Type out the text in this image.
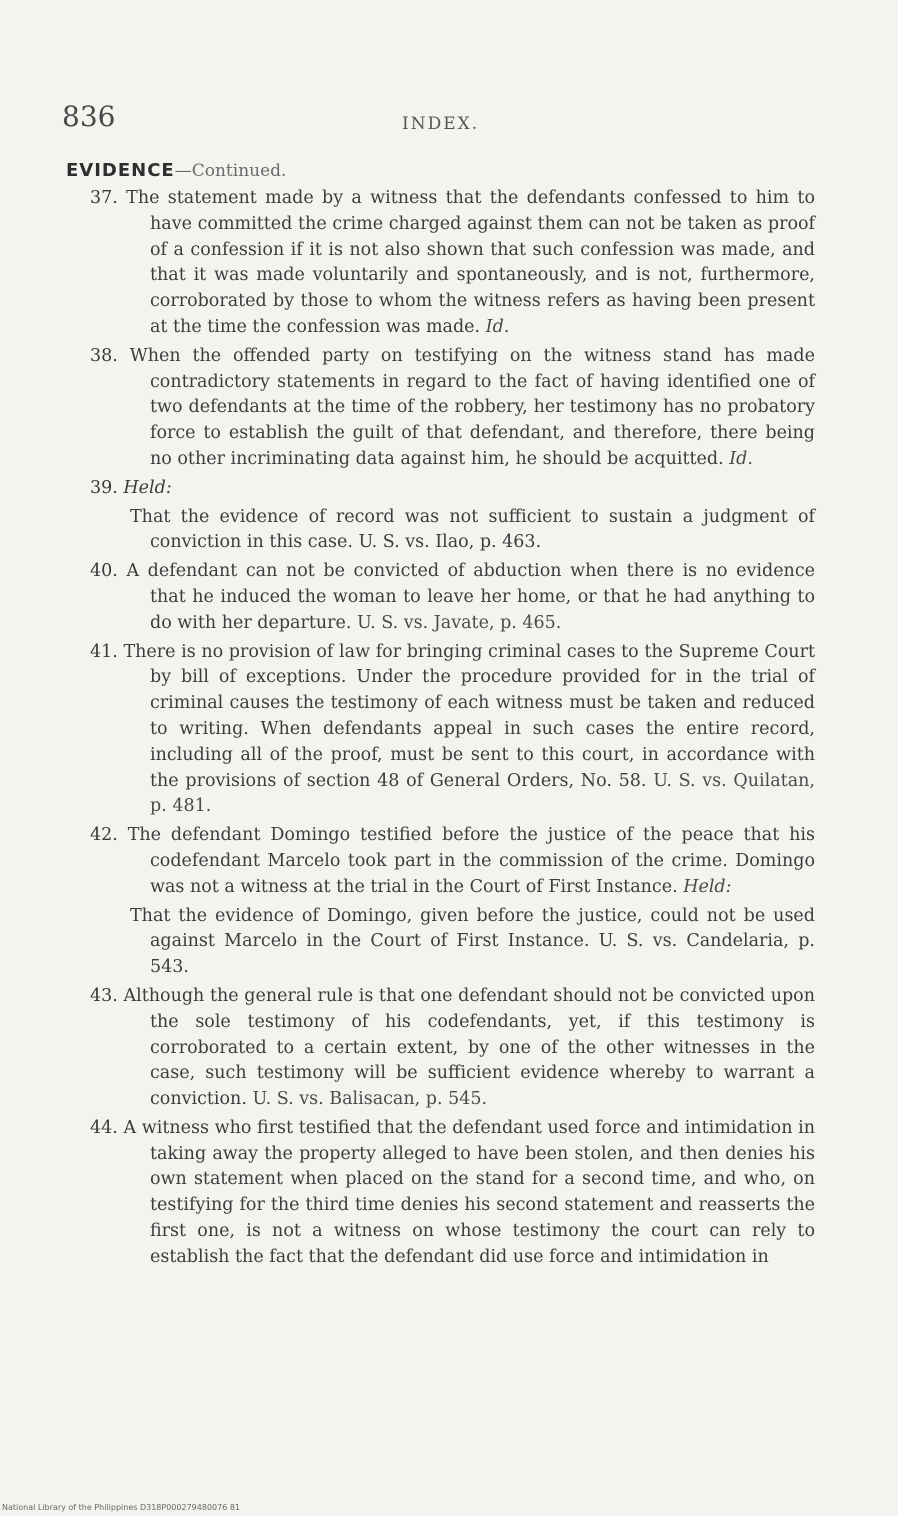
836	INDEX.
EVIDENCE—Continued.

37. The statement made by a witness that the defendants confessed to him to have committed the crime charged against them can not be taken as proof of a confession if it is not also shown that such confession was made, and that it was made voluntarily and spontaneously, and is not, furthermore, corroborated by those to whom the witness refers as having been present at the time the confession was made. Id.

38. When the offended party on testifying on the witness stand has made contradictory statements in regard to the fact of having identified one of two defendants at the time of the robbery, her testimony has no probatory force to establish the guilt of that defendant, and therefore, there being no other incriminating data against him, he should be acquitted. Id.

39. Held:

That the evidence of record was not sufficient to sustain a judgment of conviction in this case. U. S. vs. Ilao, p. 463.

40. A defendant can not be convicted of abduction when there is no evidence that he induced the woman to leave her home, or that he had anything to do with her departure. U. S. vs. Javate, p. 465.

41. There is no provision of law for bringing criminal cases to the Supreme Court by bill of exceptions. Under the procedure provided for in the trial of criminal causes the testimony of each witness must be taken and reduced to writing. When defendants appeal in such cases the entire record, including all of the proof, must be sent to this court, in accordance with the provisions of section 48 of General Orders, No. 58. U. S. vs. Quilatan, p. 481.

42. The defendant Domingo testified before the justice of the peace that his codefendant Marcelo took part in the commission of the crime. Domingo was not a witness at the trial in the Court of First Instance. Held:

That the evidence of Domingo, given before the justice, could not be used against Marcelo in the Court of First Instance. U. S. vs. Candelaria, p. 543.

43. Although the general rule is that one defendant should not be convicted upon the sole testimony of his codefendants, yet, if this testimony is corroborated to a certain extent, by one of the other witnesses in the case, such testimony will be sufficient evidence whereby to warrant a conviction. U. S. vs. Balisacan, p. 545.

44. A witness who first testified that the defendant used force and intimidation in taking away the property alleged to have been stolen, and then denies his own statement when placed on the stand for a second time, and who, on testifying for the third time denies his second statement and reasserts the first one, is not a witness on whose testimony the court can rely to establish the fact that the defendant did use force and intimidation in

National Library of the Philippines D318P000279480076 81
